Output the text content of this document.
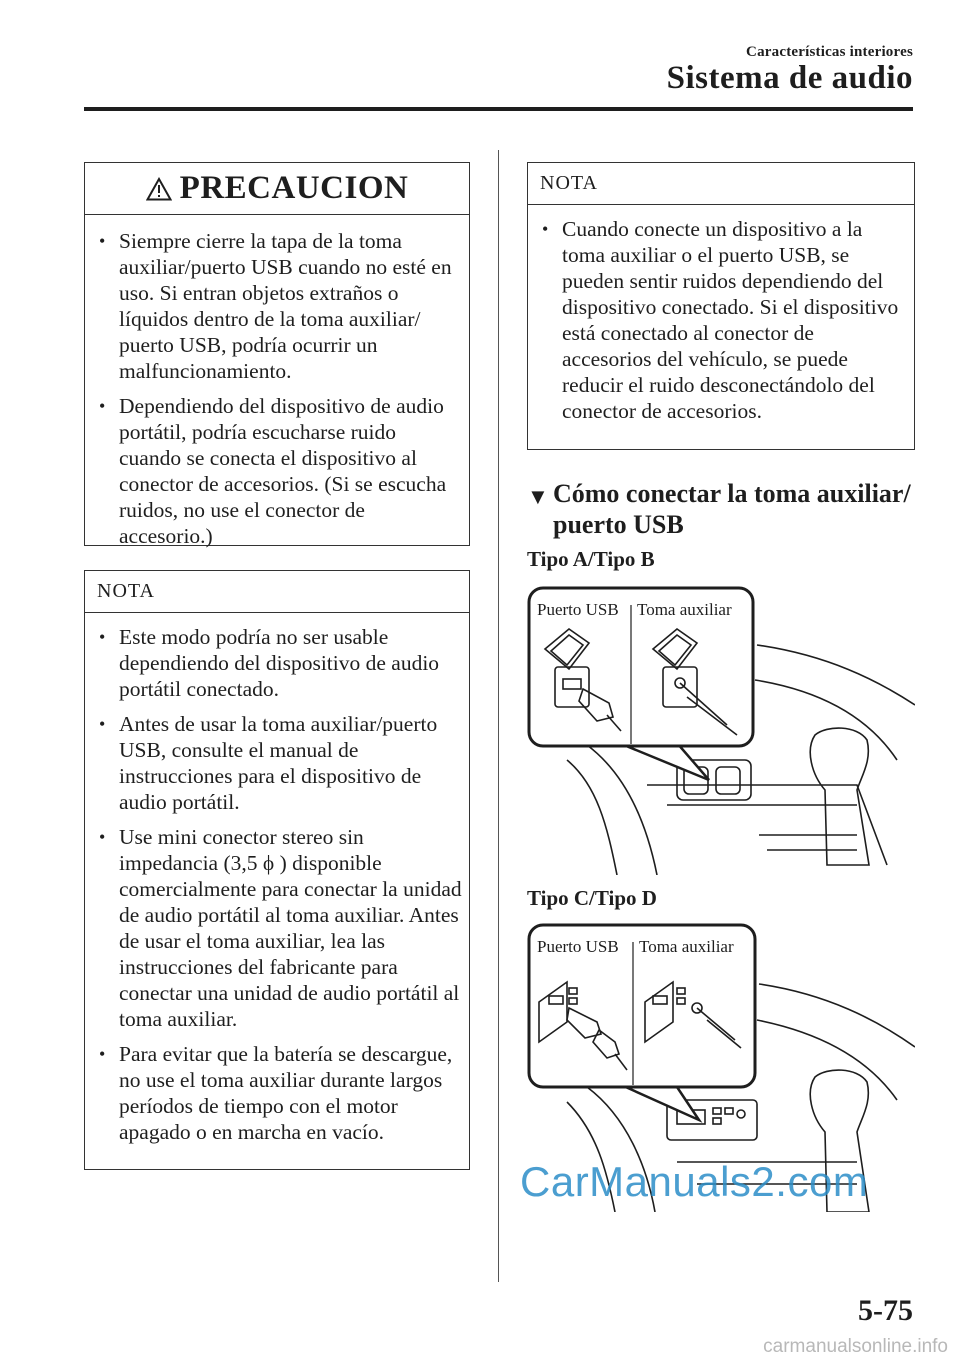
Características interiores
Sistema de audio
PRECAUCION
• Siempre cierre la tapa de la toma auxiliar/puerto USB cuando no esté en uso. Si entran objetos extraños o líquidos dentro de la toma auxiliar/ puerto USB, podría ocurrir un malfuncionamiento.
• Dependiendo del dispositivo de audio portátil, podría escucharse ruido cuando se conecta el dispositivo al conector de accesorios. (Si se escucha ruidos, no use el conector de accesorio.)
NOTA
• Este modo podría no ser usable dependiendo del dispositivo de audio portátil conectado.
• Antes de usar la toma auxiliar/puerto USB, consulte el manual de instrucciones para el dispositivo de audio portátil.
• Use mini conector stereo sin impedancia (3,5 ϕ ) disponible comercialmente para conectar la unidad de audio portátil al toma auxiliar. Antes de usar el toma auxiliar, lea las instrucciones del fabricante para conectar una unidad de audio portátil al toma auxiliar.
• Para evitar que la batería se descargue, no use el toma auxiliar durante largos períodos de tiempo con el motor apagado o en marcha en vacío.
NOTA
• Cuando conecte un dispositivo a la toma auxiliar o el puerto USB, se pueden sentir ruidos dependiendo del dispositivo conectado. Si el dispositivo está conectado al conector de accesorios del vehículo, se puede reducir el ruido desconectándolo del conector de accesorios.
▼ Cómo conectar la toma auxiliar/ puerto USB
Tipo A/Tipo B
Puerto USB Toma auxiliar
Tipo C/Tipo D
Puerto USB Toma auxiliar
CarManuals2.com
5-75
carmanualsonline.info
